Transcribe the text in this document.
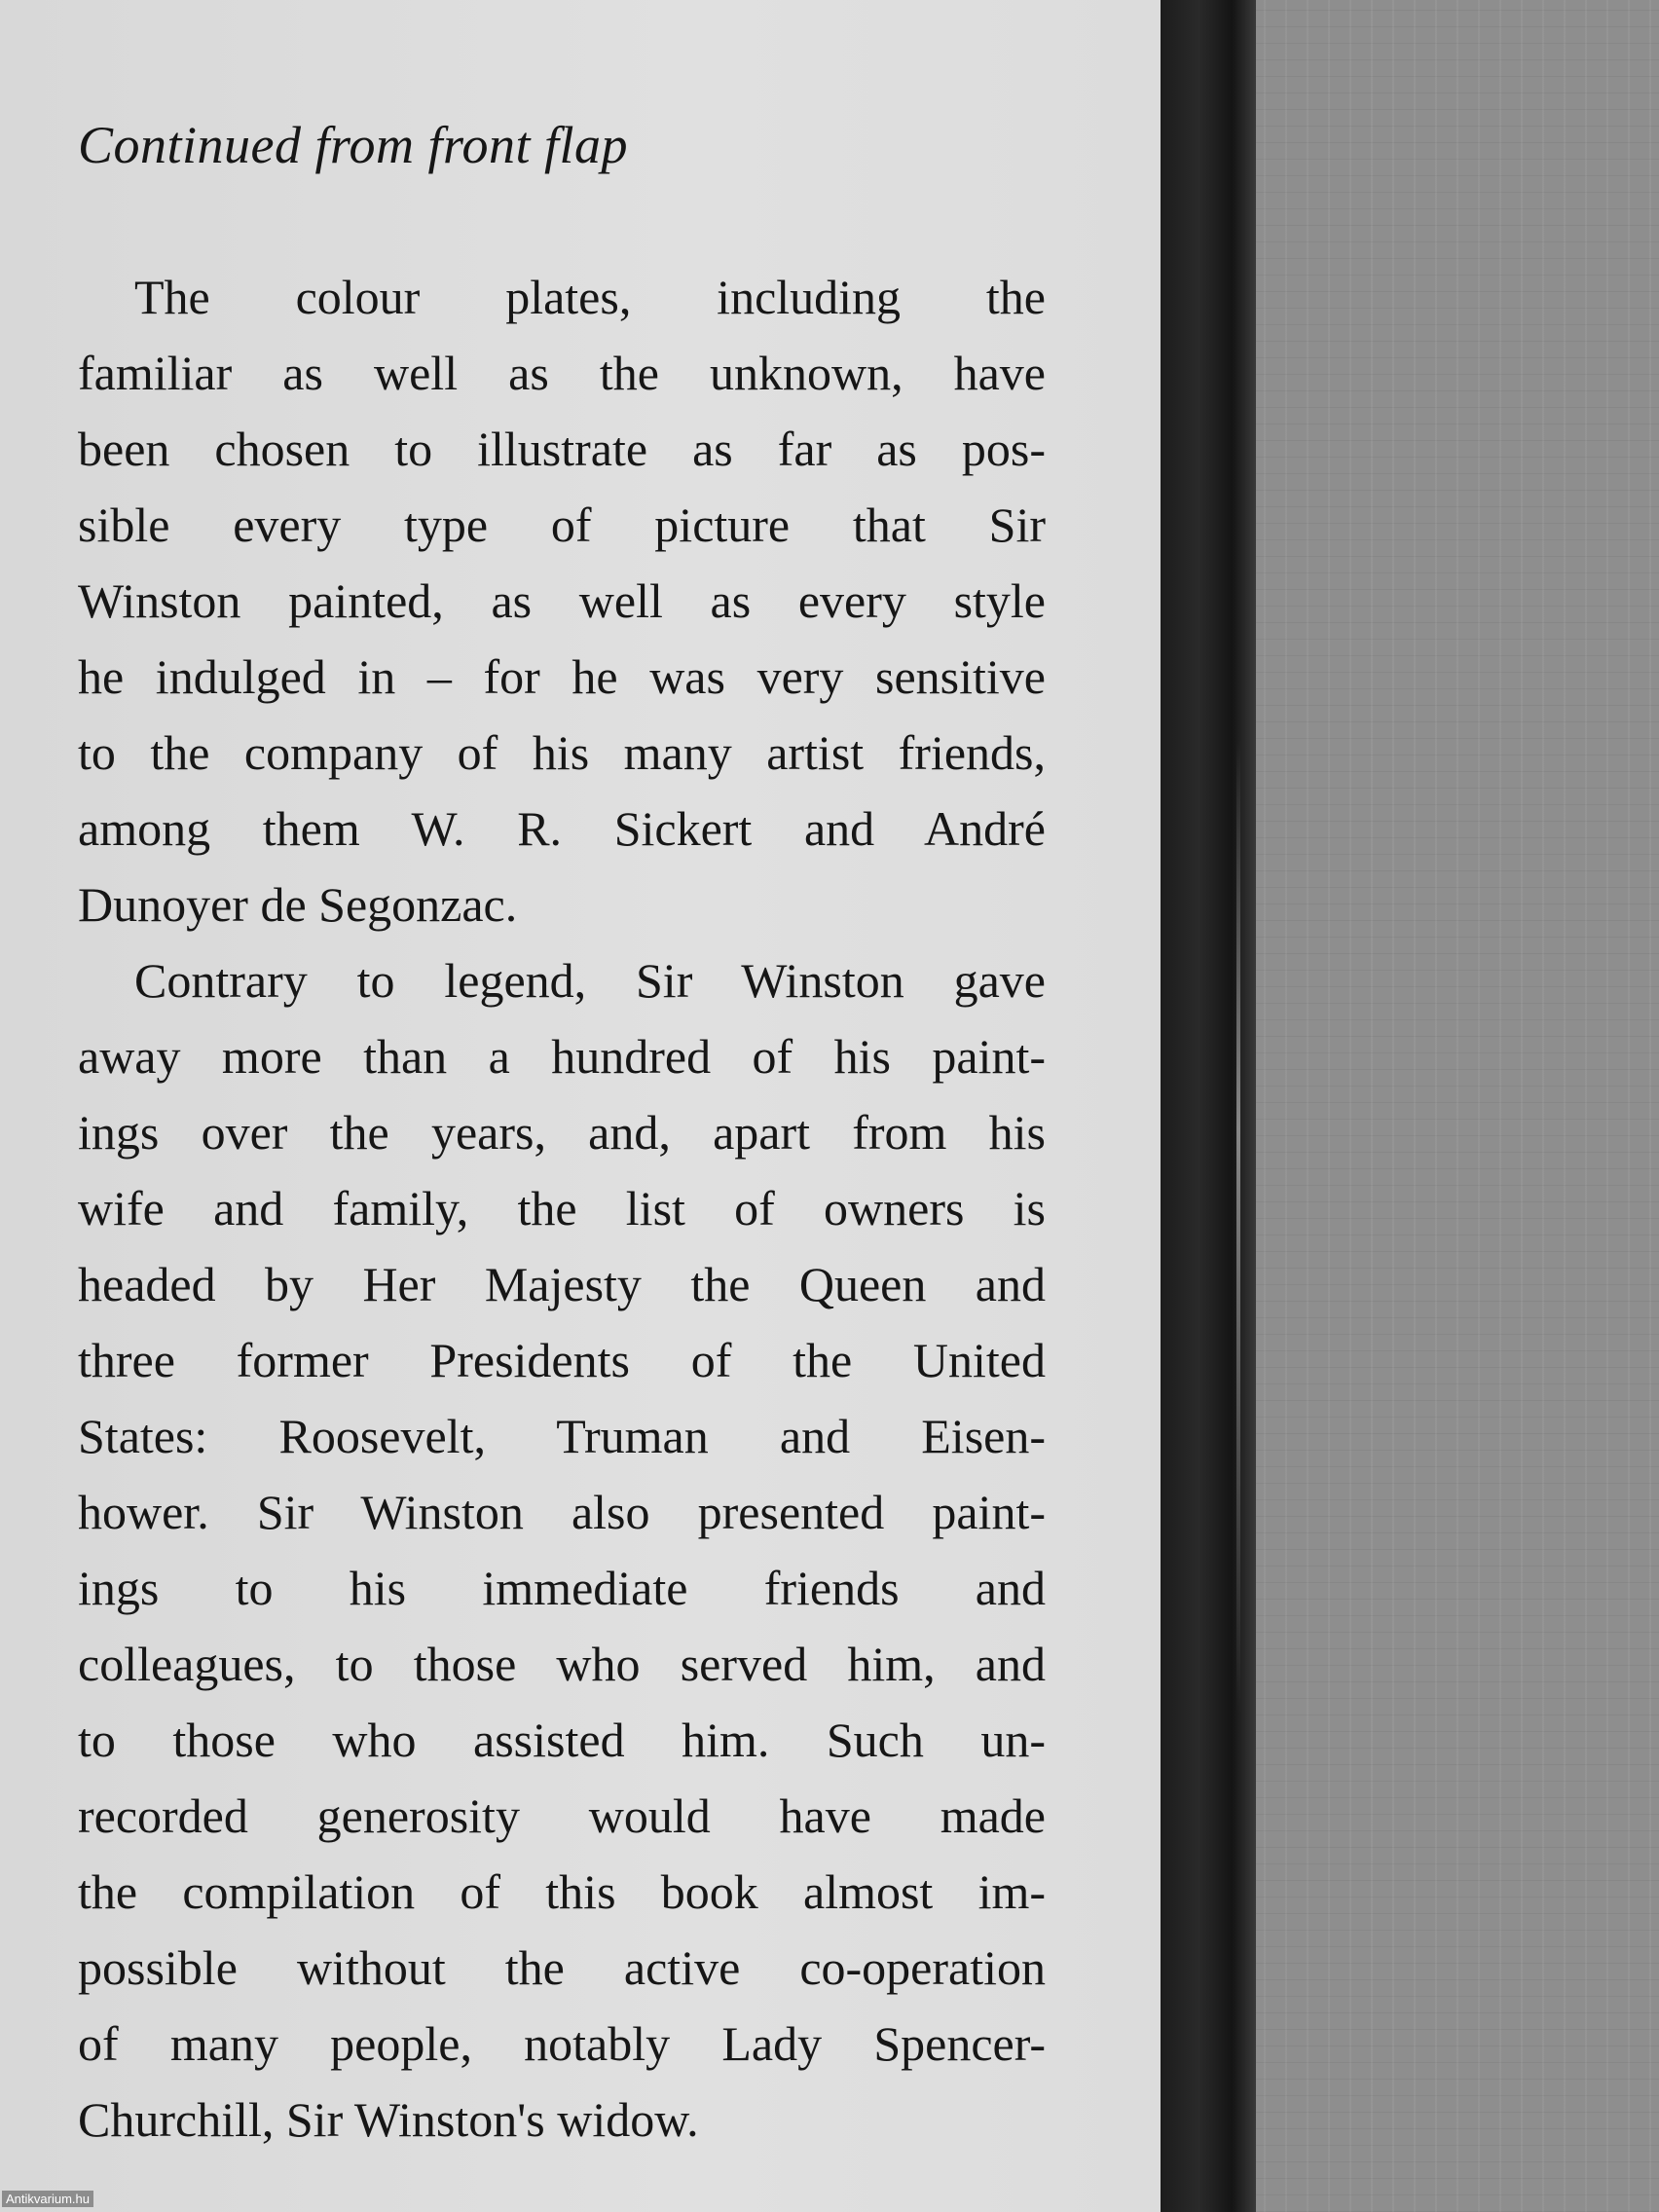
Continued from front flap
The colour plates, including the
familiar as well as the unknown, have
been chosen to illustrate as far as pos-
sible every type of picture that Sir
Winston painted, as well as every style
he indulged in – for he was very sensitive
to the company of his many artist friends,
among them W. R. Sickert and André
Dunoyer de Segonzac.
Contrary to legend, Sir Winston gave
away more than a hundred of his paint-
ings over the years, and, apart from his
wife and family, the list of owners is
headed by Her Majesty the Queen and
three former Presidents of the United
States: Roosevelt, Truman and Eisen-
hower. Sir Winston also presented paint-
ings to his immediate friends and
colleagues, to those who served him, and
to those who assisted him. Such un-
recorded generosity would have made
the compilation of this book almost im-
possible without the active co-operation
of many people, notably Lady Spencer-
Churchill, Sir Winston's widow.
Antikvarium.hu
